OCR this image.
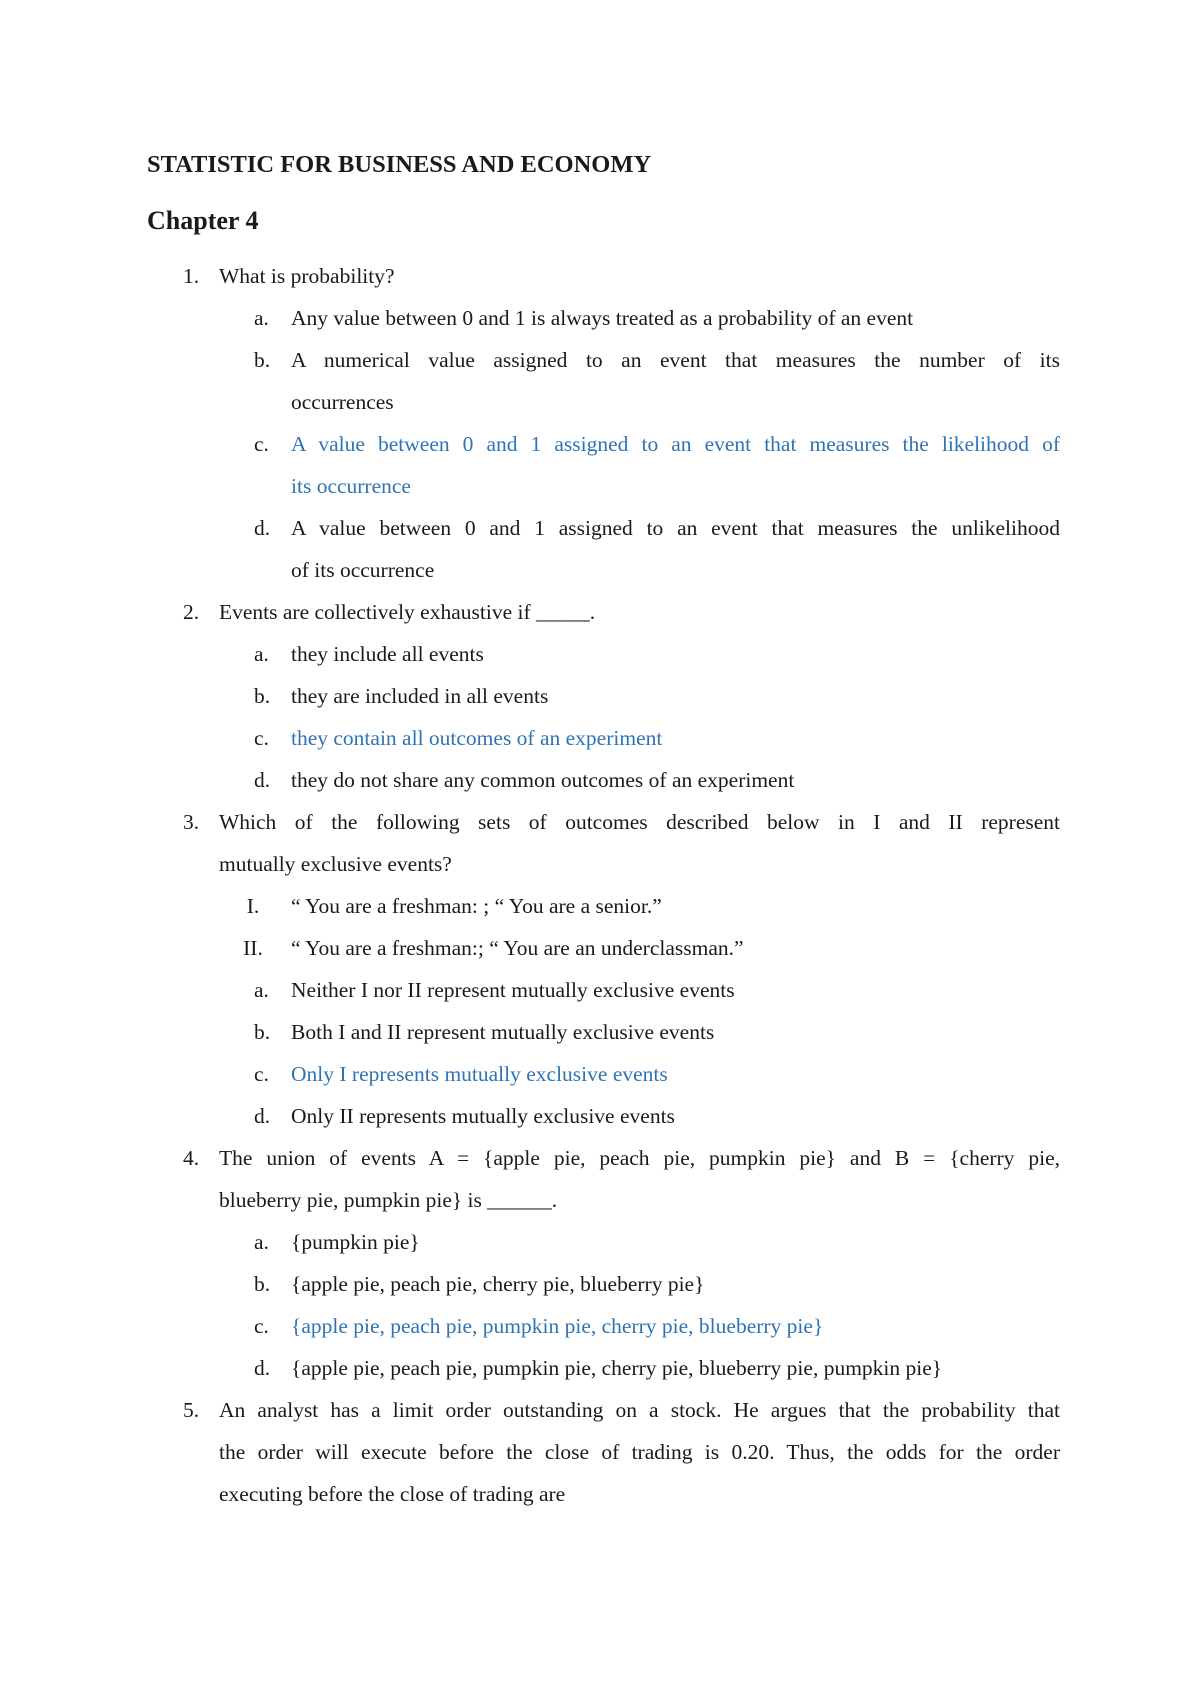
STATISTIC FOR BUSINESS AND ECONOMY
Chapter 4
1. What is probability?
a.	Any value between 0 and 1 is always treated as a probability of an event
b. A numerical value assigned to an event that measures the number of its
occurrences
c.	A value between 0 and 1 assigned to an event that measures the likelihood of
its occurrence
d. A value between 0 and 1 assigned to an event that measures the unlikelihood
of its occurrence
2. Events are collectively exhaustive if _____.
a.	they include all events
b. they are included in all events
c.	they contain all outcomes of an experiment
d. they do not share any common outcomes of an experiment
3. Which of the following sets of outcomes described below in I and II represent
mutually exclusive events?
I.	“ You are a freshman: ; “ You are a senior.”
II.	“ You are a freshman:; “ You are an underclassman.”
a.	Neither I nor II represent mutually exclusive events
b. Both I and II represent mutually exclusive events
c.	Only I represents mutually exclusive events
d. Only II represents mutually exclusive events
4. The union of events A = {apple pie, peach pie, pumpkin pie} and B = {cherry pie,
blueberry pie, pumpkin pie} is ______.
a.	{pumpkin pie}
b. {apple pie, peach pie, cherry pie, blueberry pie}
c.	{apple pie, peach pie, pumpkin pie, cherry pie, blueberry pie}
d. {apple pie, peach pie, pumpkin pie, cherry pie, blueberry pie, pumpkin pie}
5. An analyst has a limit order outstanding on a stock. He argues that the probability that
the order will execute before the close of trading is 0.20. Thus, the odds for the order
executing before the close of trading are
